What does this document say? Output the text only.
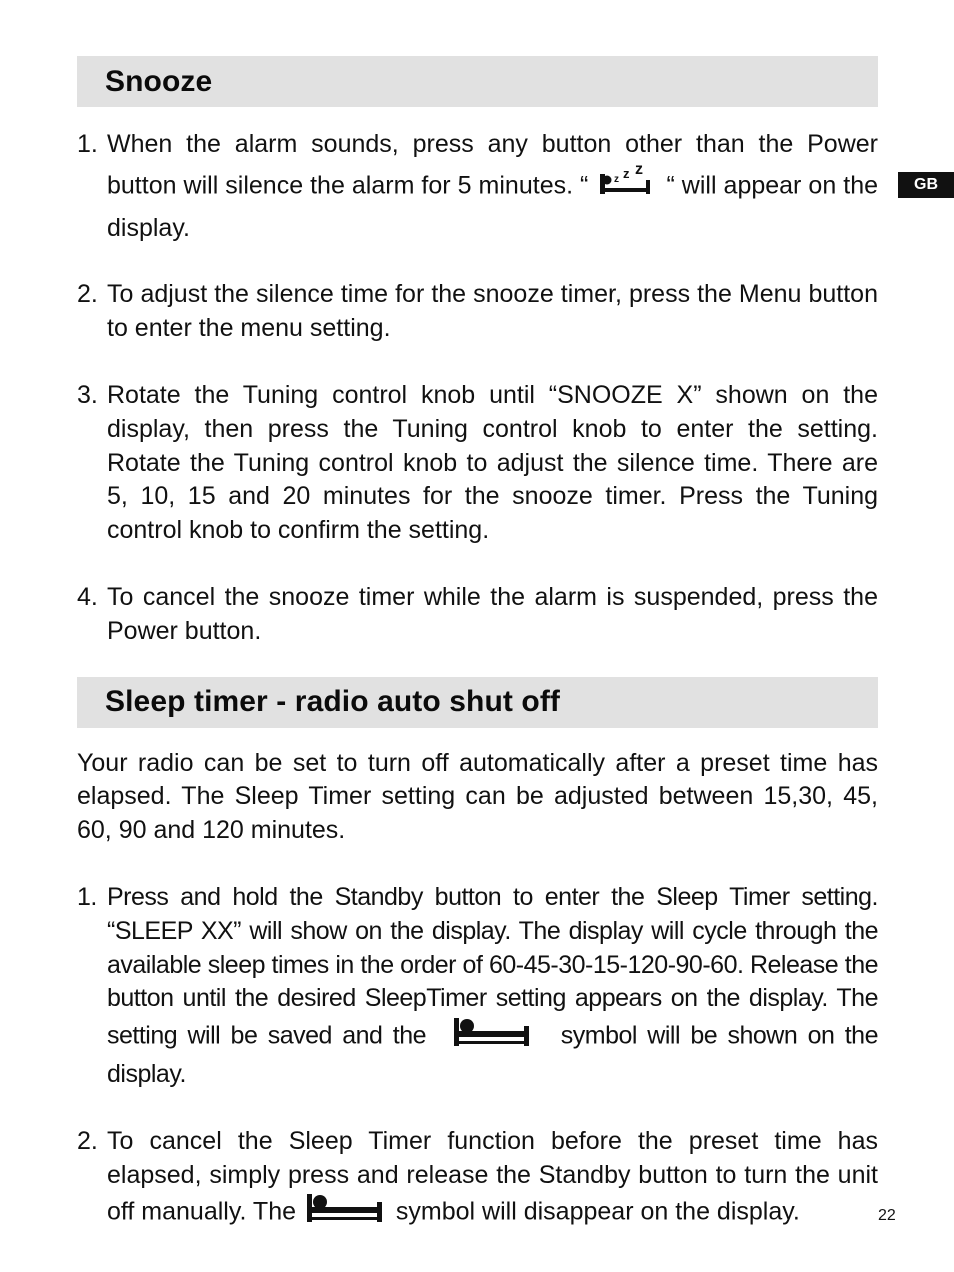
GB
Snooze
1. When the alarm sounds, press any button other than the Power button will silence the alarm for 5 minutes. “	z z z
“ will appear on the display.
2. To adjust the silence time for the snooze timer, press the Menu button to enter the menu setting.
3. Rotate the Tuning control knob until “SNOOZE X” shown on the display, then press the Tuning control knob to enter the setting. Rotate the Tuning control knob to adjust the silence time. There are 5, 10, 15 and 20 minutes for the snooze timer. Press the Tuning control knob to confirm the setting.
4. To cancel the snooze timer while the alarm is suspended, press the Power button.
Sleep timer - radio auto shut off

Your radio can be set to turn off automatically after a preset time has elapsed. The Sleep Timer setting can be adjusted between 15,30, 45, 60, 90 and 120 minutes.

1. Press and hold the Standby button to enter the Sleep Timer setting. “SLEEP XX” will show on the display. The display will cycle through the available sleep times in the order of 60-45-30-15-120-90-60. Release the button until the desired SleepTimer setting appears on the display. The setting will be saved and the	symbol will be shown on the display.
2. To cancel the Sleep Timer function before the preset time has elapsed, simply press and release the Standby button to turn the unit off manually. The	symbol will disappear on the display.	22
